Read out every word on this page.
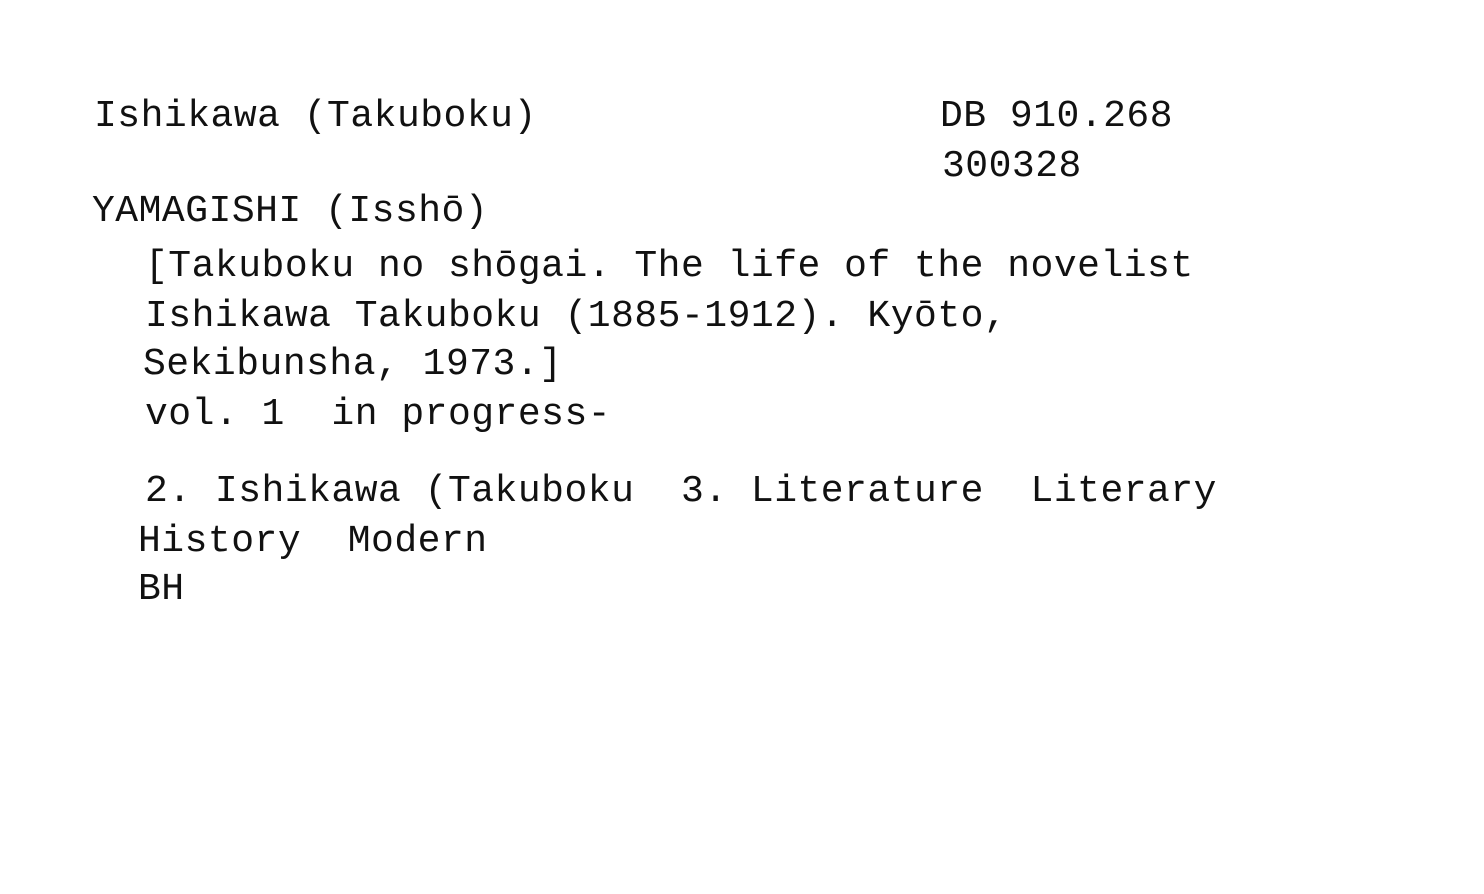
Ishikawa (Takuboku)	DB 910.268
300328
YAMAGISHI (Isshō)
[Takuboku no shōgai. The life of the novelist
Ishikawa Takuboku (1885-1912). Kyōto,
Sekibunsha, 1973.]
vol. 1  in progress-
2. Ishikawa (Takuboku  3. Literature  Literary
History  Modern
BH
